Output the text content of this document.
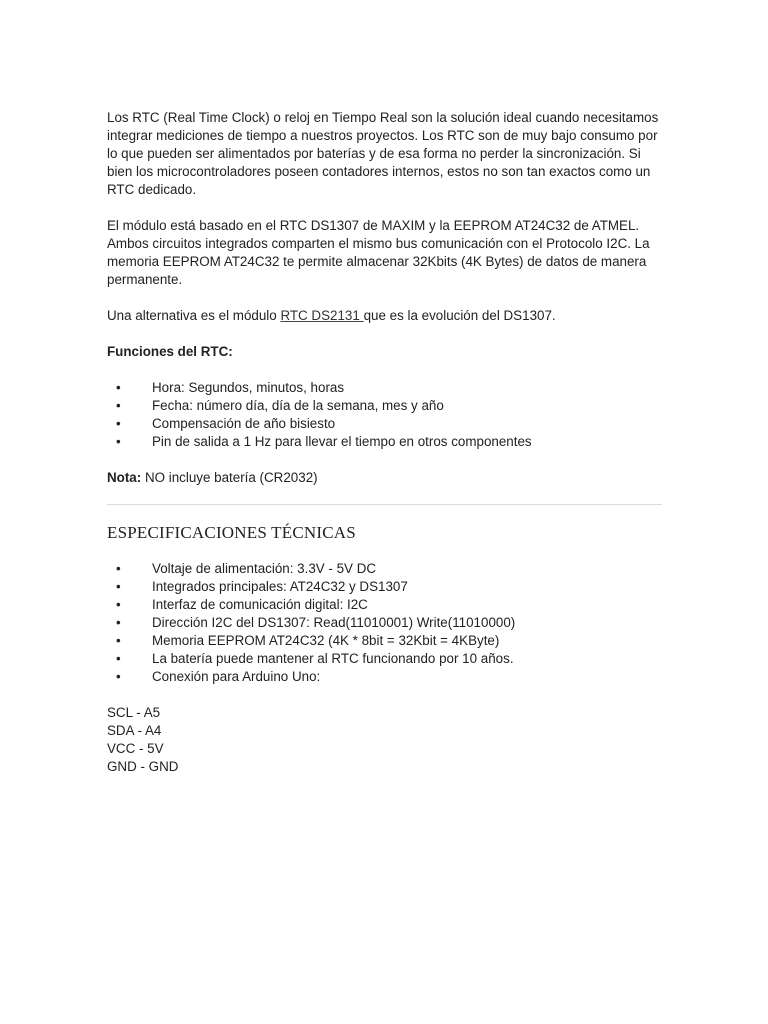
Los RTC (Real Time Clock) o reloj en Tiempo Real son la solución ideal cuando necesitamos integrar mediciones de tiempo a nuestros proyectos. Los RTC son de muy bajo consumo por lo que pueden ser alimentados por baterías y de esa forma no perder la sincronización. Si bien los microcontroladores poseen contadores internos, estos no son tan exactos como un RTC dedicado.

El módulo está basado en el RTC DS1307 de MAXIM y la EEPROM AT24C32 de ATMEL. Ambos circuitos integrados comparten el mismo bus comunicación con el Protocolo I2C. La memoria EEPROM AT24C32 te permite almacenar 32Kbits (4K Bytes) de datos de manera permanente.

Una alternativa es el módulo RTC DS2131 que es la evolución del DS1307.

Funciones del RTC:

• Hora: Segundos, minutos, horas
• Fecha: número día, día de la semana, mes y año
• Compensación de año bisiesto
• Pin de salida a 1 Hz para llevar el tiempo en otros componentes

Nota: NO incluye batería (CR2032)

ESPECIFICACIONES TÉCNICAS

• Voltaje de alimentación: 3.3V - 5V DC
• Integrados principales: AT24C32 y DS1307
• Interfaz de comunicación digital: I2C
• Dirección I2C del DS1307: Read(11010001) Write(11010000)
• Memoria EEPROM AT24C32 (4K * 8bit = 32Kbit = 4KByte)
• La batería puede mantener al RTC funcionando por 10 años.
• Conexión para Arduino Uno:

SCL - A5

SDA - A4

VCC - 5V

GND - GND
